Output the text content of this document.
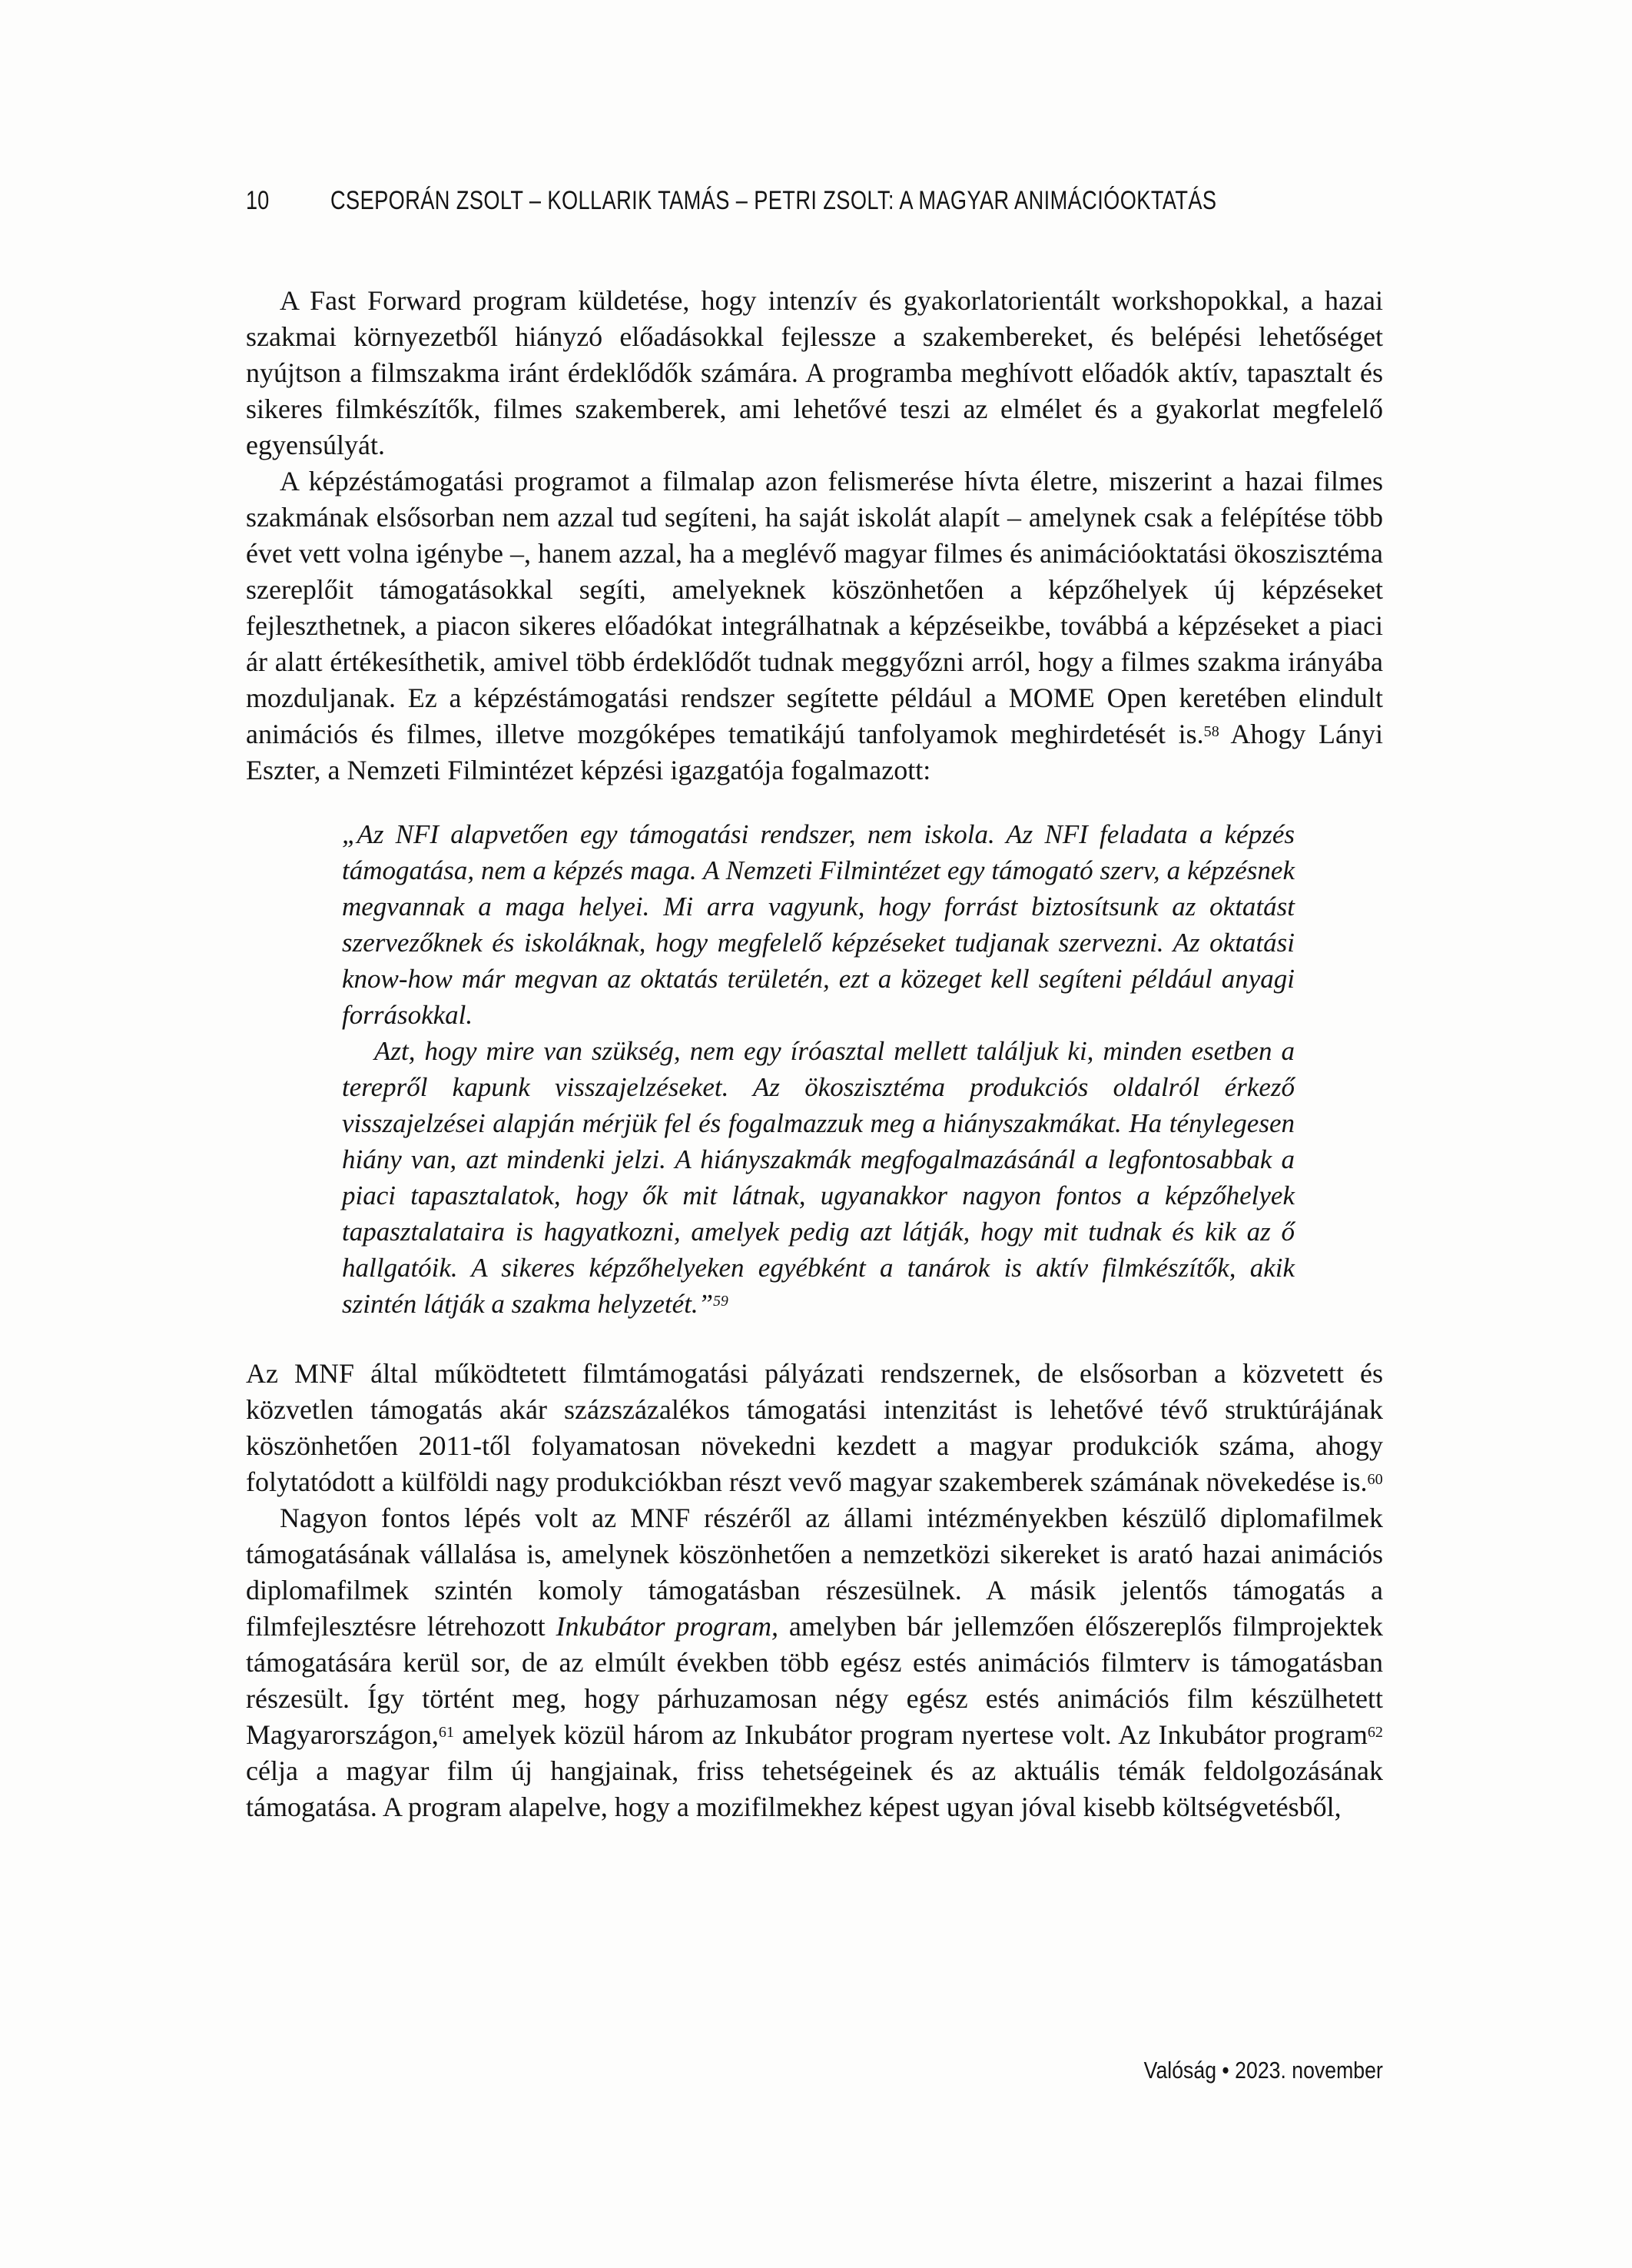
10 CSEPORÁN ZSOLT – KOLLARIK TAMÁS – PETRI ZSOLT: A MAGYAR ANIMÁCIÓOKTATÁS

A Fast Forward program küldetése, hogy intenzív és gyakorlatorientált workshopokkal, a hazai szakmai környezetből hiányzó előadásokkal fejlessze a szakembereket, és belépési lehetőséget nyújtson a filmszakma iránt érdeklődők számára. A programba meghívott előadók aktív, tapasztalt és sikeres filmkészítők, filmes szakemberek, ami lehetővé teszi az elmélet és a gyakorlat megfelelő egyensúlyát.

A képzéstámogatási programot a filmalap azon felismerése hívta életre, miszerint a hazai filmes szakmának elsősorban nem azzal tud segíteni, ha saját iskolát alapít – amelynek csak a felépítése több évet vett volna igénybe –, hanem azzal, ha a meglévő magyar filmes és animációoktatási ökoszisztéma szereplőit támogatásokkal segíti, amelyeknek köszönhetően a képzőhelyek új képzéseket fejleszthetnek, a piacon sikeres előadókat integrálhatnak a képzéseikbe, továbbá a képzéseket a piaci ár alatt értékesíthetik, amivel több érdeklődőt tudnak meggyőzni arról, hogy a filmes szakma irányába mozduljanak. Ez a képzéstámogatási rendszer segítette például a MOME Open keretében elindult animációs és filmes, illetve mozgóképes tematikájú tanfolyamok meghirdetését is.$^{58}$ Ahogy Lányi Eszter, a Nemzeti Filmintézet képzési igazgatója fogalmazott:

„Az NFI alapvetően egy támogatási rendszer, nem iskola. Az NFI feladata a képzés támogatása, nem a képzés maga. A Nemzeti Filmintézet egy támogató szerv, a képzésnek megvannak a maga helyei. Mi arra vagyunk, hogy forrást biztosítsunk az oktatást szervezőknek és iskoláknak, hogy megfelelő képzéseket tudjanak szervezni. Az oktatási know-how már megvan az oktatás területén, ezt a közeget kell segíteni például anyagi forrásokkal.

Azt, hogy mire van szükség, nem egy íróasztal mellett találjuk ki, minden esetben a terepről kapunk visszajelzéseket. Az ökoszisztéma produkciós oldalról érkező visszajelzései alapján mérjük fel és fogalmazzuk meg a hiányszakmákat. Ha ténylegesen hiány van, azt mindenki jelzi. A hiányszakmák megfogalmazásánál a legfontosabbak a piaci tapasztalatok, hogy ők mit látnak, ugyanakkor nagyon fontos a képzőhelyek tapasztalataira is hagyatkozni, amelyek pedig azt látják, hogy mit tudnak és kik az ő hallgatóik. A sikeres képzőhelyeken egyébként a tanárok is aktív filmkészítők, akik szintén látják a szakma helyzetét.”$^{59}$

Az MNF által működtetett filmtámogatási pályázati rendszernek, de elsősorban a közvetett és közvetlen támogatás akár százszázalékos támogatási intenzitást is lehetővé tévő struktúrájának köszönhetően 2011-től folyamatosan növekedni kezdett a magyar produkciók száma, ahogy folytatódott a külföldi nagy produkciókban részt vevő magyar szakemberek számának növekedése is.$^{60}$

Nagyon fontos lépés volt az MNF részéről az állami intézményekben készülő diplomafilmek támogatásának vállalása is, amelynek köszönhetően a nemzetközi sikereket is arató hazai animációs diplomafilmek szintén komoly támogatásban részesülnek. A másik jelentős támogatás a filmfejlesztésre létrehozott Inkubátor program, amelyben bár jellemzően élőszereplős filmprojektek támogatására kerül sor, de az elmúlt években több egész estés animációs filmterv is támogatásban részesült. Így történt meg, hogy párhuzamosan négy egész estés animációs film készülhetett Magyarországon,$^{61}$ amelyek közül három az Inkubátor program nyertese volt. Az Inkubátor program$^{62}$ célja a magyar film új hangjainak, friss tehetségeinek és az aktuális témák feldolgozásának támogatása. A program alapelve, hogy a mozifilmekhez képest ugyan jóval kisebb költségvetésből,

Valóság • 2023. november
